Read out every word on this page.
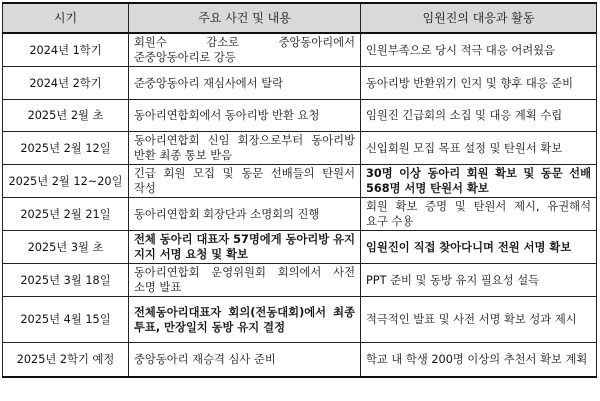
시기	주요 사건 및 내용	임원진의 대응과 활동
2024년 1학기	회원수 감소로 중앙동아리에서 준중앙동아리로 강등	인원부족으로 당시 적극 대응 어려웠음
2024년 2학기	준중앙동아리 재심사에서 탈락	동아리방 반환위기 인지 및 향후 대응 준비
2025년 2월 초	동아리연합회에서 동아리방 반환 요청	임원진 긴급회의 소집 및 대응 계획 수립
2025년 2월 12일	동아리연합회 신임 회장으로부터 동아리방 반환 최종 통보 받음	신입회원 모집 목표 설정 및 탄원서 확보
2025년 2월 12~20일	긴급 회원 모집 및 동문 선배들의 탄원서 작성	30명 이상 동아리 회원 확보 및 동문 선배 568명 서명 탄원서 확보
2025년 2월 21일	동아리연합회 회장단과 소명회의 진행	회원 확보 증명 및 탄원서 제시, 유권해석 요구 수용
2025년 3월 초	전체 동아리 대표자 57명에게 동아리방 유지 지지 서명 요청 및 확보	임원진이 직접 찾아다니며 전원 서명 확보
2025년 3월 18일	동아리연합회 운영위원회 회의에서 사전 소명 발표	PPT 준비 및 동방 유지 필요성 설득
2025년 4월 15일	전체동아리대표자 회의(전동대회)에서 최종 투표, 만장일치 동방 유지 결정	적극적인 발표 및 사전 서명 확보 성과 제시
2025년 2학기 예정	중앙동아리 재승격 심사 준비	학교 내 학생 200명 이상의 추천서 확보 계획
